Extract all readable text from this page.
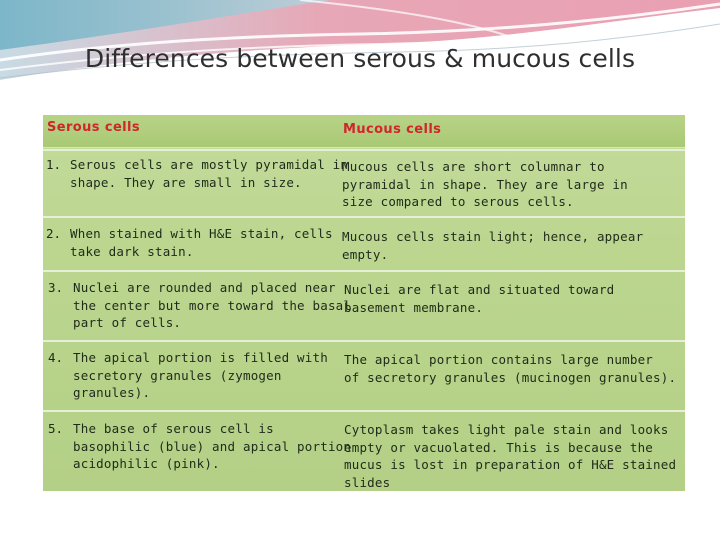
Differences between serous & mucous cells
Serous cells	Mucous cells
1. Serous cells are mostly pyramidal in
shape. They are small in size.
Mucous cells are short columnar to
pyramidal in shape. They are large in
size compared to serous cells.
2. When stained with H&E stain, cells
take dark stain.
Mucous cells stain light; hence, appear
empty.
3. Nuclei are rounded and placed near
the center but more toward the basal
part of cells.
Nuclei are flat and situated toward
basement membrane.
4. The apical portion is filled with
secretory granules (zymogen
granules).
The apical portion contains large number
of secretory granules (mucinogen granules).
5. The base of serous cell is
basophilic (blue) and apical portion
acidophilic (pink).
Cytoplasm takes light pale stain and looks
empty or vacuolated. This is because the
mucus is lost in preparation of H&E stained
slides
